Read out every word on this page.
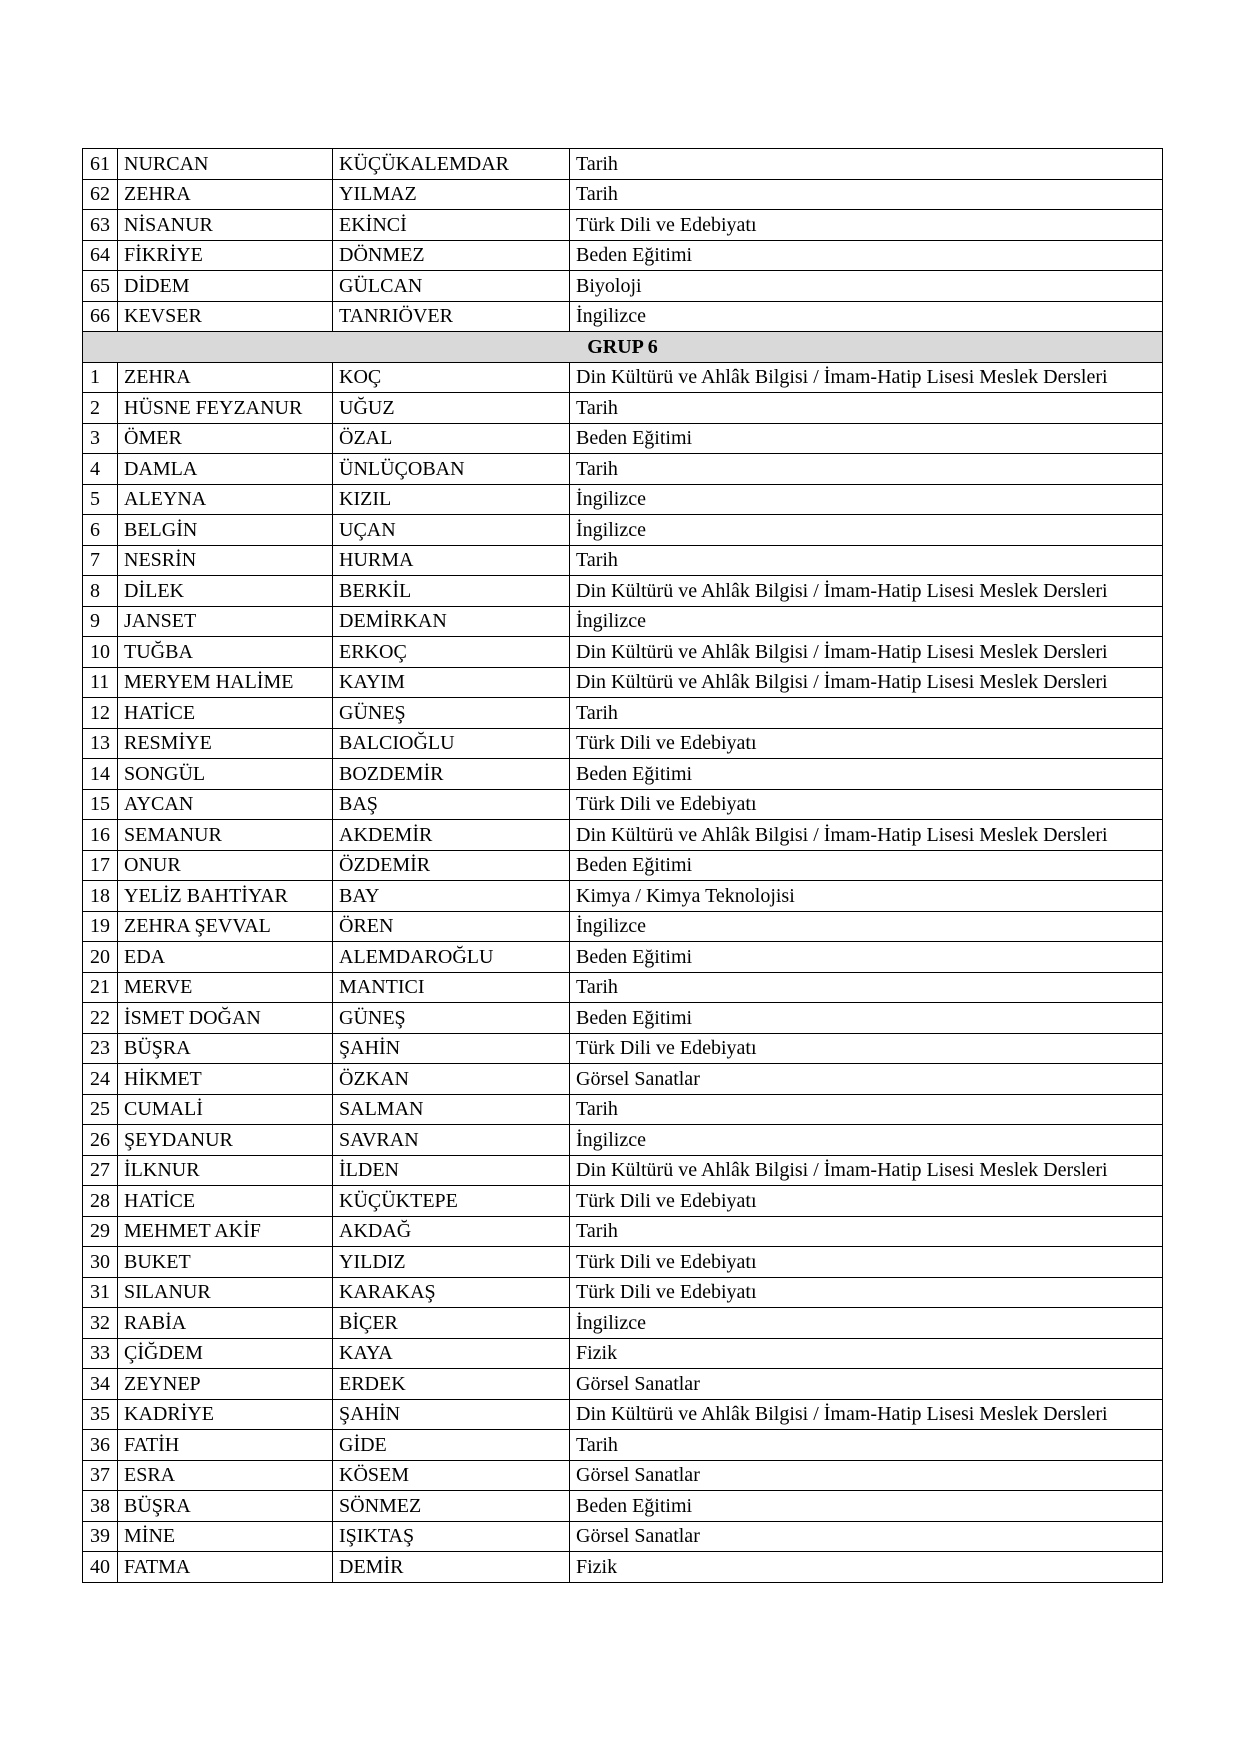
61	NURCAN	KÜÇÜKALEMDAR	Tarih
62	ZEHRA	YILMAZ	Tarih
63	NİSANUR	EKİNCİ	Türk Dili ve Edebiyatı
64	FİKRİYE	DÖNMEZ	Beden Eğitimi
65	DİDEM	GÜLCAN	Biyoloji
66	KEVSER	TANRIÖVER	İngilizce
GRUP 6			
1	ZEHRA	KOÇ	Din Kültürü ve Ahlâk Bilgisi / İmam-Hatip Lisesi Meslek Dersleri
2	HÜSNE FEYZANUR	UĞUZ	Tarih
3	ÖMER	ÖZAL	Beden Eğitimi
4	DAMLA	ÜNLÜÇOBAN	Tarih
5	ALEYNA	KIZIL	İngilizce
6	BELGİN	UÇAN	İngilizce
7	NESRİN	HURMA	Tarih
8	DİLEK	BERKİL	Din Kültürü ve Ahlâk Bilgisi / İmam-Hatip Lisesi Meslek Dersleri
9	JANSET	DEMİRKAN	İngilizce
10	TUĞBA	ERKOÇ	Din Kültürü ve Ahlâk Bilgisi / İmam-Hatip Lisesi Meslek Dersleri
11	MERYEM HALİME	KAYIM	Din Kültürü ve Ahlâk Bilgisi / İmam-Hatip Lisesi Meslek Dersleri
12	HATİCE	GÜNEŞ	Tarih
13	RESMİYE	BALCIOĞLU	Türk Dili ve Edebiyatı
14	SONGÜL	BOZDEMİR	Beden Eğitimi
15	AYCAN	BAŞ	Türk Dili ve Edebiyatı
16	SEMANUR	AKDEMİR	Din Kültürü ve Ahlâk Bilgisi / İmam-Hatip Lisesi Meslek Dersleri
17	ONUR	ÖZDEMİR	Beden Eğitimi
18	YELİZ BAHTİYAR	BAY	Kimya / Kimya Teknolojisi
19	ZEHRA ŞEVVAL	ÖREN	İngilizce
20	EDA	ALEMDAROĞLU	Beden Eğitimi
21	MERVE	MANTICI	Tarih
22	İSMET DOĞAN	GÜNEŞ	Beden Eğitimi
23	BÜŞRA	ŞAHİN	Türk Dili ve Edebiyatı
24	HİKMET	ÖZKAN	Görsel Sanatlar
25	CUMALİ	SALMAN	Tarih
26	ŞEYDANUR	SAVRAN	İngilizce
27	İLKNUR	İLDEN	Din Kültürü ve Ahlâk Bilgisi / İmam-Hatip Lisesi Meslek Dersleri
28	HATİCE	KÜÇÜKTEPE	Türk Dili ve Edebiyatı
29	MEHMET AKİF	AKDAĞ	Tarih
30	BUKET	YILDIZ	Türk Dili ve Edebiyatı
31	SILANUR	KARAKAŞ	Türk Dili ve Edebiyatı
32	RABİA	BİÇER	İngilizce
33	ÇİĞDEM	KAYA	Fizik
34	ZEYNEP	ERDEK	Görsel Sanatlar
35	KADRİYE	ŞAHİN	Din Kültürü ve Ahlâk Bilgisi / İmam-Hatip Lisesi Meslek Dersleri
36	FATİH	GİDE	Tarih
37	ESRA	KÖSEM	Görsel Sanatlar
38	BÜŞRA	SÖNMEZ	Beden Eğitimi
39	MİNE	IŞIKTAŞ	Görsel Sanatlar
40	FATMA	DEMİR	Fizik
